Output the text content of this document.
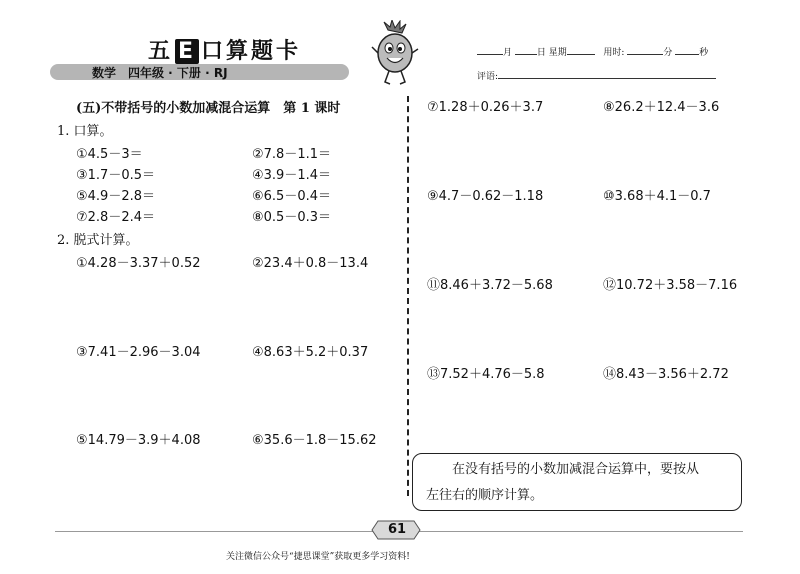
五 E 口算题卡
数学　四年级 · 下册 · RJ
月	日 星期	用时:	分	秒
评语:
(五)不带括号的小数加减混合运算　第 1 课时
1. 口算。
①4.5－3＝	②7.8－1.1＝
③1.7－0.5＝	④3.9－1.4＝
⑤4.9－2.8＝	⑥6.5－0.4＝
⑦2.8－2.4＝	⑧0.5－0.3＝
2. 脱式计算。
①4.28－3.37＋0.52	②23.4＋0.8－13.4
③7.41－2.96－3.04	④8.63＋5.2＋0.37
⑤14.79－3.9＋4.08	⑥35.6－1.8－15.62
⑦1.28＋0.26＋3.7	⑧26.2＋12.4－3.6
⑨4.7－0.62－1.18	⑩3.68＋4.1－0.7
⑪8.46＋3.72－5.68	⑫10.72＋3.58－7.16
⑬7.52＋4.76－5.8	⑭8.43－3.56＋2.72
在没有括号的小数加减混合运算中，要按从
左往右的顺序计算。
61
关注微信公众号“捷思课堂”获取更多学习资料!
